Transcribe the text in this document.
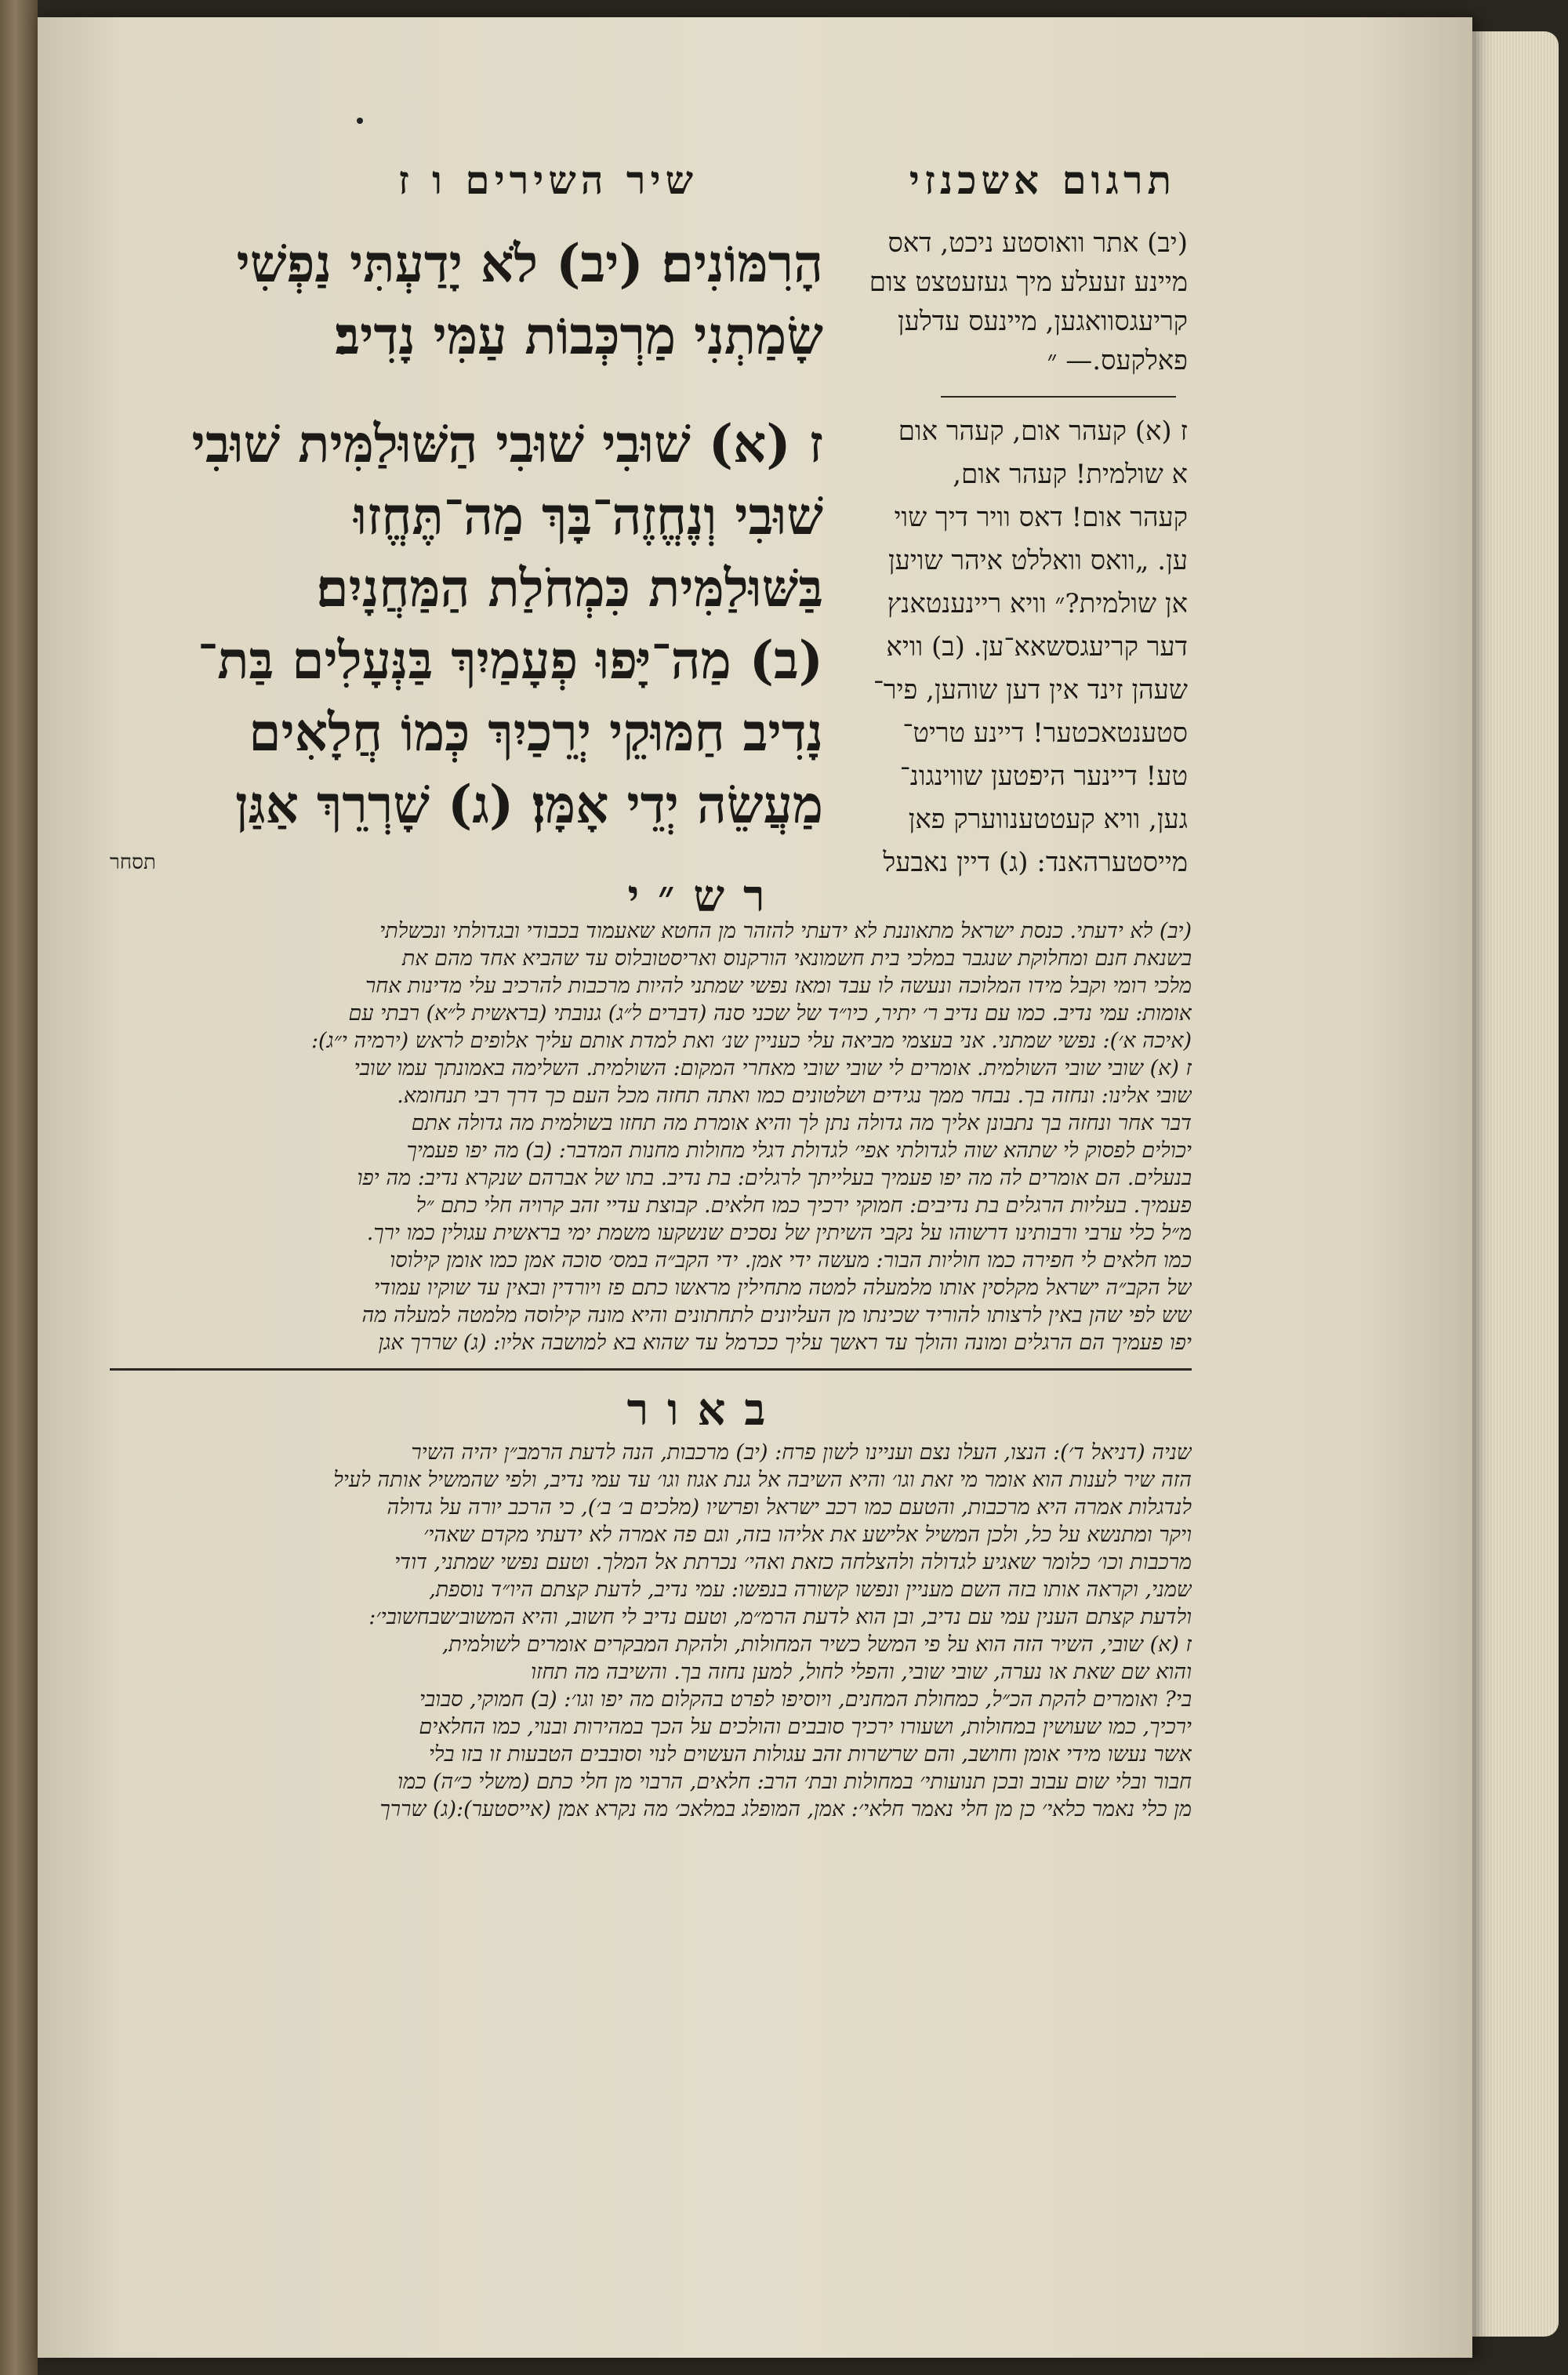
שיר השירים ו ז	תרגום אשכנזי
הָרִמּוֹנִים׃ (יב) לֹא יָדַעְתִּי נַפְשִׁי
שָׂמַתְנִי מַרְכְּבוֹת עַמִּי נָדִיב׃
ז (א) שׁוּבִי שׁוּבִי הַשּׁוּלַמִּית שׁוּבִי
שׁוּבִי וְנֶחֱזֶה־בָּךְ מַה־תֶּחֱזוּ
בַּשּׁוּלַמִּית כִּמְחֹלַת הַמַּחֲנָיִם׃
(ב) מַה־יָּפוּ פְעָמַיִךְ בַּנְּעָלִים בַּת־
נָדִיב חַמּוּקֵי יְרֵכַיִךְ כְּמוֹ חֲלָאִים
מַעֲשֵׂה יְדֵי אָמָּן׃ (ג) שָׁרְרֵךְ אַגַּן
תסחר
(יב) אתר וואוסטע ניכט, דאס
מיינע זעעלע מיך געזעטצט צום
קריעגסוואגען, מיינעס עדלען
פאלקעס.— ״
ז (א) קעהר אום, קעהר אום
א שולמית! קעהר אום,
קעהר אום! דאס וויר דיך שוי
ען. „וואס וואללט איהר שויען
אן שולמית?״ וויא ריינענטאנץ
דער קריעגסשאא־ען. (ב) וויא
שעהן זינד אין דען שוהען, פיר־
סטענטאכטער! דיינע טריט־
טע! דיינער היפטען שווינגונ־
גען, וויא קעטטענווערק פאן
מייסטערהאנד: (ג) דיין נאבעל
רש״י
(יב) לא ידעתי. כנסת ישראל מתאוננת לא ידעתי להזהר מן החטא שאעמוד בכבודי ובגדולתי ונכשלתי
בשנאת חנם ומחלוקת שנגבר במלכי בית חשמונאי הורקנוס ואריסטובלוס עד שהביא אחד מהם את
מלכי רומי וקבל מידו המלוכה ונעשה לו עבד ומאז נפשי שמתני להיות מרכבות להרכיב עלי מדינות אחר
אומות: עמי נדיב. כמו עם נדיב ר׳ יתיר, כיו״ד של שכני סנה (דברים ל״ג) גנובתי (בראשית ל״א) רבתי עם
(איכה א׳): נפשי שמתני. אני בעצמי מביאה עלי כעניין שנ׳ ואת למדת אותם עליך אלופים לראש (ירמיה י״ג):
ז (א) שובי שובי השולמית. אומרים לי שובי שובי מאחרי המקום: השולמית. השלימה באמונתך עמו שובי
שובי אלינו: ונחזה בך. נבחר ממך נגידים ושלטונים כמו ואתה תחזה מכל העם כך דרך רבי תנחומא.
דבר אחר ונחזה בך נתבונן אליך מה גדולה נתן לך והיא אומרת מה תחזו בשולמית מה גדולה אתם
יכולים לפסוק לי שתהא שוה לגדולתי אפי׳ לגדולת דגלי מחולות מחנות המדבר: (ב) מה יפו פעמיך
בנעלים. הם אומרים לה מה יפו פעמיך בעלייתך לרגלים: בת נדיב. בתו של אברהם שנקרא נדיב: מה יפו
פעמיך. בעליות הרגלים בת נדיבים: חמוקי ירכיך כמו חלאים. קבוצת עדיי זהב קרויה חלי כתם ״ל
מ״ל כלי ערבי ורבותינו דרשוהו על נקבי השיתין של נסכים שנשקעו משמת ימי בראשית עגולין כמו ירך.
כמו חלאים לי חפירה כמו חוליות הבור: מעשה ידי אמן. ידי הקב״ה במס׳ סוכה אמן כמו אומן קילוסו
של הקב״ה ישראל מקלסין אותו מלמעלה למטה מתחילין מראשו כתם פז ויורדין ובאין עד שוקיו עמודי
שש לפי שהן באין לרצותו להוריד שכינתו מן העליונים לתחתונים והיא מונה קילוסה מלמטה למעלה מה
יפו פעמיך הם הרגלים ומונה והולך עד ראשך עליך ככרמל עד שהוא בא למושבה אליו: (ג) שררך אגן
באור
שניה (דניאל ד׳): הנצו, העלו נצם ועניינו לשון פרח: (יב) מרכבות, הנה לדעת הרמב״ן יהיה השיר
הזה שיר לענות הוא אומר מי זאת וגו׳ והיא השיבה אל גנת אגוז וגו׳ עד עמי נדיב, ולפי שהמשיל אותה לעיל
לנדגלות אמרה היא מרכבות, והטעם כמו רכב ישראל ופרשיו (מלכים ב׳ ב׳), כי הרכב יורה על גדולה
ויקר ומתנשא על כל, ולכן המשיל אלישע את אליהו בזה, וגם פה אמרה לא ידעתי מקדם שאהי׳
מרכבות וכו׳ כלומר שאגיע לגדולה ולהצלחה כזאת ואהי׳ נכרתת אל המלך. וטעם נפשי שמתני, דודי
שמני, וקראה אותו בזה השם מעניין ונפשו קשורה בנפשו: עמי נדיב, לדעת קצתם היו״ד נוספת,
ולדעת קצתם הענין עמי עם נדיב, ובן הוא לדעת הרמ״מ, וטעם נדיב לי חשוב, והיא המשוב׳שבחשובי׳:
ז (א) שובי, השיר הזה הוא על פי המשל כשיר המחולות, ולהקת המבקרים אומרים לשולמית,
והוא שם שאת או נערה, שובי שובי, והפלי לחול, למען נחזה בך. והשיבה מה תחזו
בי? ואומרים להקת הכ״ל, כמחולת המחנים, ויוסיפו לפרט בהקלום מה יפו וגו׳: (ב) חמוקי, סבובי
ירכיך, כמו שעושין במחולות, ושעורו ירכיך סובבים והולכים על הכך במהירות ובנוי, כמו החלאים
אשר נעשו מידי אומן וחושב, והם שרשרות זהב עגולות העשוים לנוי וסובבים הטבעות זו בזו בלי
חבור ובלי שום עבוב ובכן תנועותי׳ במחולות ובת׳ הרב: חלאים, הרבוי מן חלי כתם (משלי כ״ה) כמו
מן כלי נאמר כלאי׳ כן מן חלי נאמר חלאי׳: אמן, המופלג במלאכ׳ מה נקרא אמן (אייסטער):(ג) שררך
